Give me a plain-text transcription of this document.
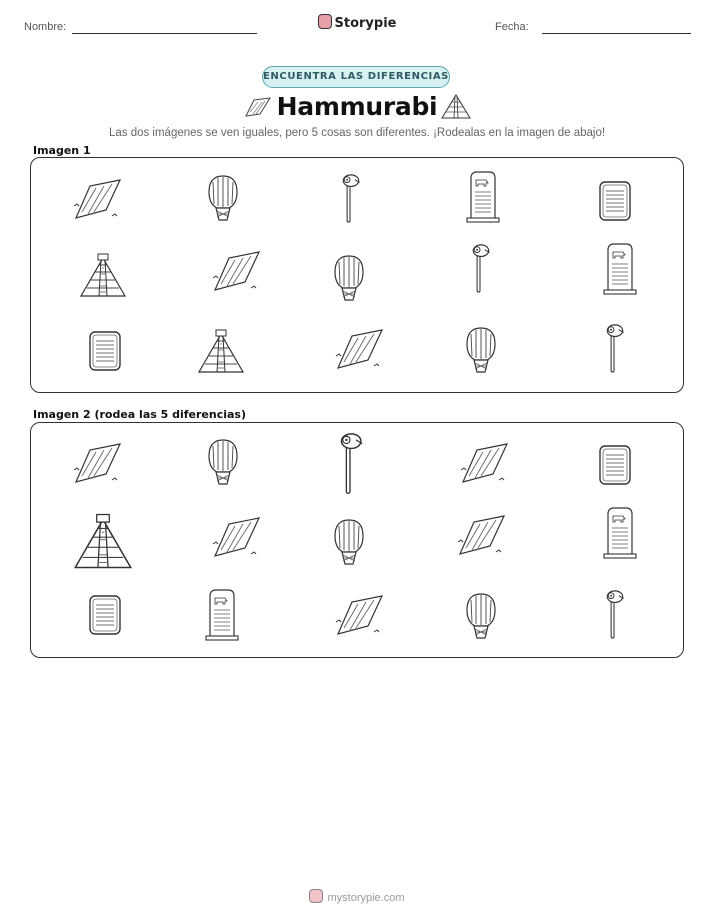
Nombre:	Storypie	Fecha:
ENCUENTRA LAS DIFERENCIAS
Hammurabi
Las dos imágenes se ven iguales, pero 5 cosas son diferentes. ¡Rodealas en la imagen de abajo!
Imagen 1
Imagen 2 (rodea las 5 diferencias)
mystorypie.com
